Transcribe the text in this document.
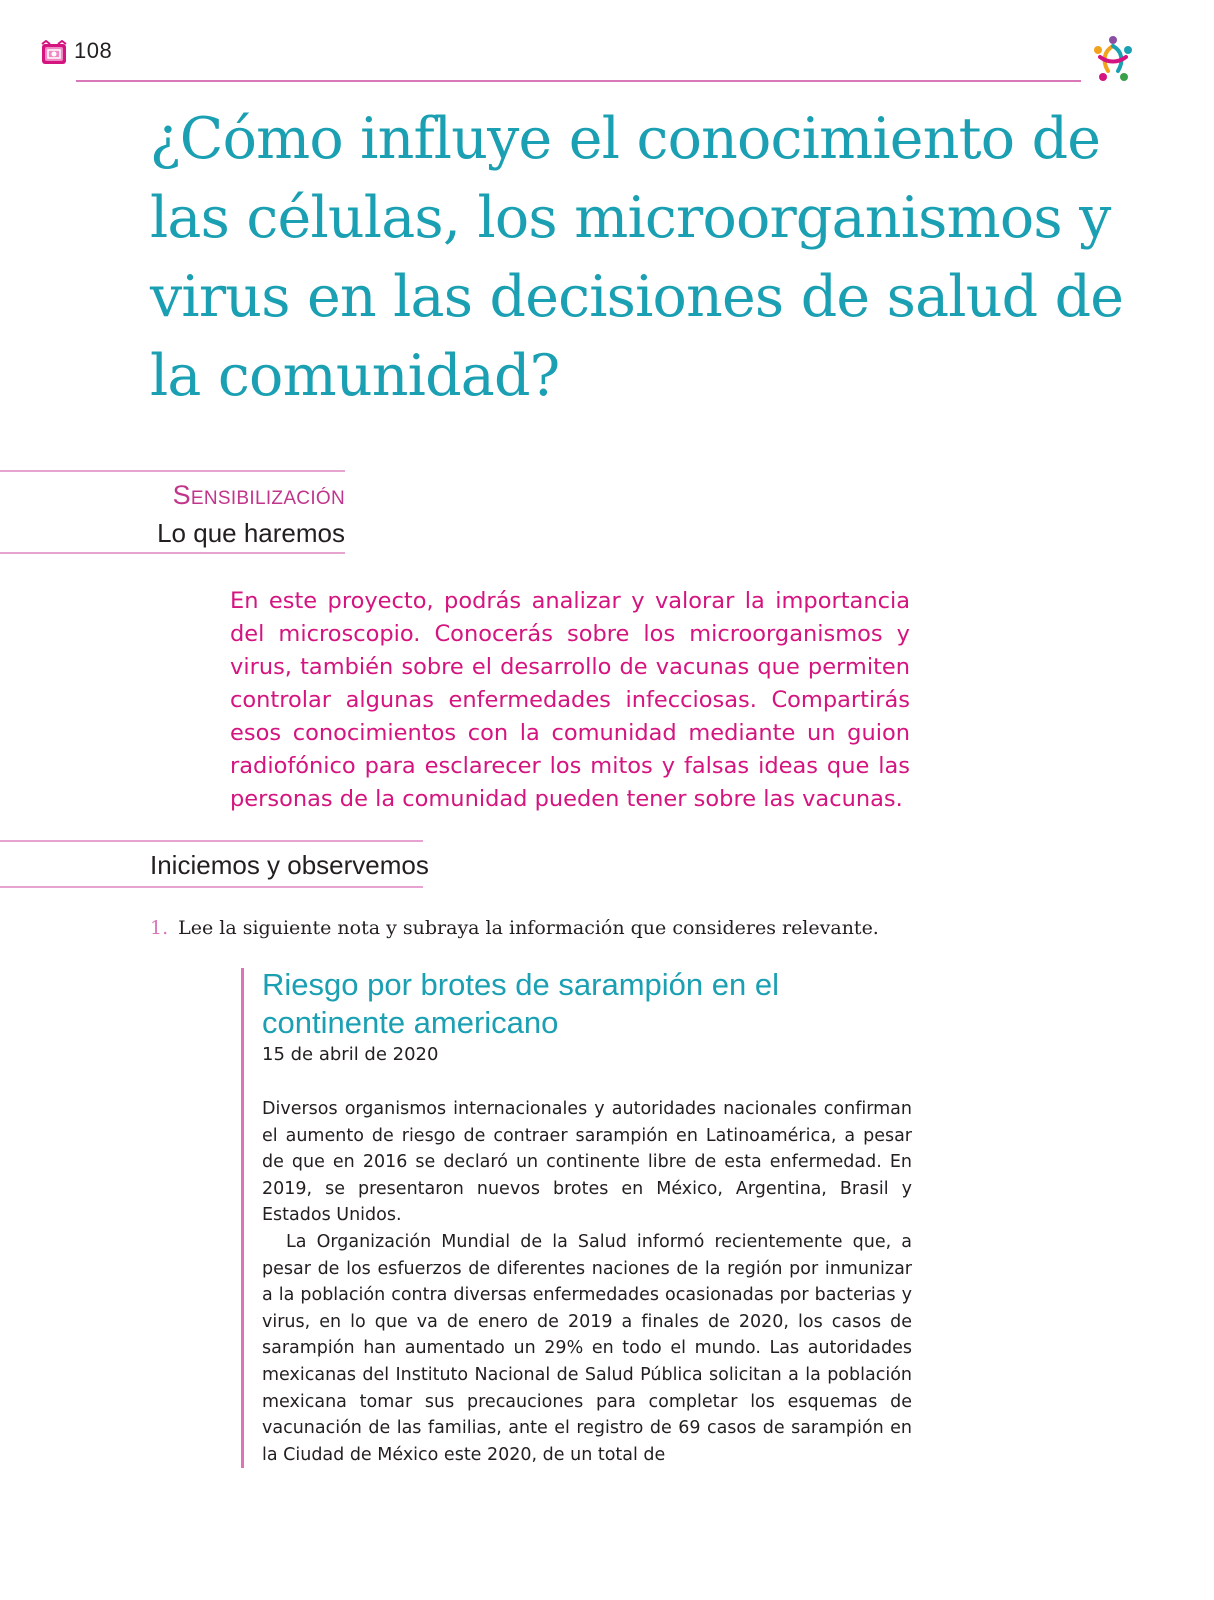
108
¿Cómo influye el conocimiento de las células, los microorganismos y virus en las decisiones de salud de la comunidad?
Sensibilización
Lo que haremos

En este proyecto, podrás analizar y valorar la importancia del microscopio. Conocerás sobre los microorganismos y virus, también sobre el desarrollo de vacunas que permiten controlar algunas enfermedades infecciosas. Compartirás esos conocimientos con la comunidad mediante un guion radiofónico para esclarecer los mitos y falsas ideas que las personas de la comunidad pueden tener sobre las vacunas.

Iniciemos y observemos
1. Lee la siguiente nota y subraya la información que consideres relevante.
Riesgo por brotes de sarampión en el continente americano
15 de abril de 2020

Diversos organismos internacionales y autoridades nacionales confirman el aumento de riesgo de contraer sarampión en Latinoamérica, a pesar de que en 2016 se declaró un continente libre de esta enfermedad. En 2019, se presentaron nuevos brotes en México, Argentina, Brasil y Estados Unidos.

La Organización Mundial de la Salud informó recientemente que, a pesar de los esfuerzos de diferentes naciones de la región por inmunizar a la población contra diversas enfermedades ocasionadas por bacterias y virus, en lo que va de enero de 2019 a finales de 2020, los casos de sarampión han aumentado un 29% en todo el mundo. Las autoridades mexicanas del Instituto Nacional de Salud Pública solicitan a la población mexicana tomar sus precauciones para completar los esquemas de vacunación de las familias, ante el registro de 69 casos de sarampión en la Ciudad de México este 2020, de un total de
